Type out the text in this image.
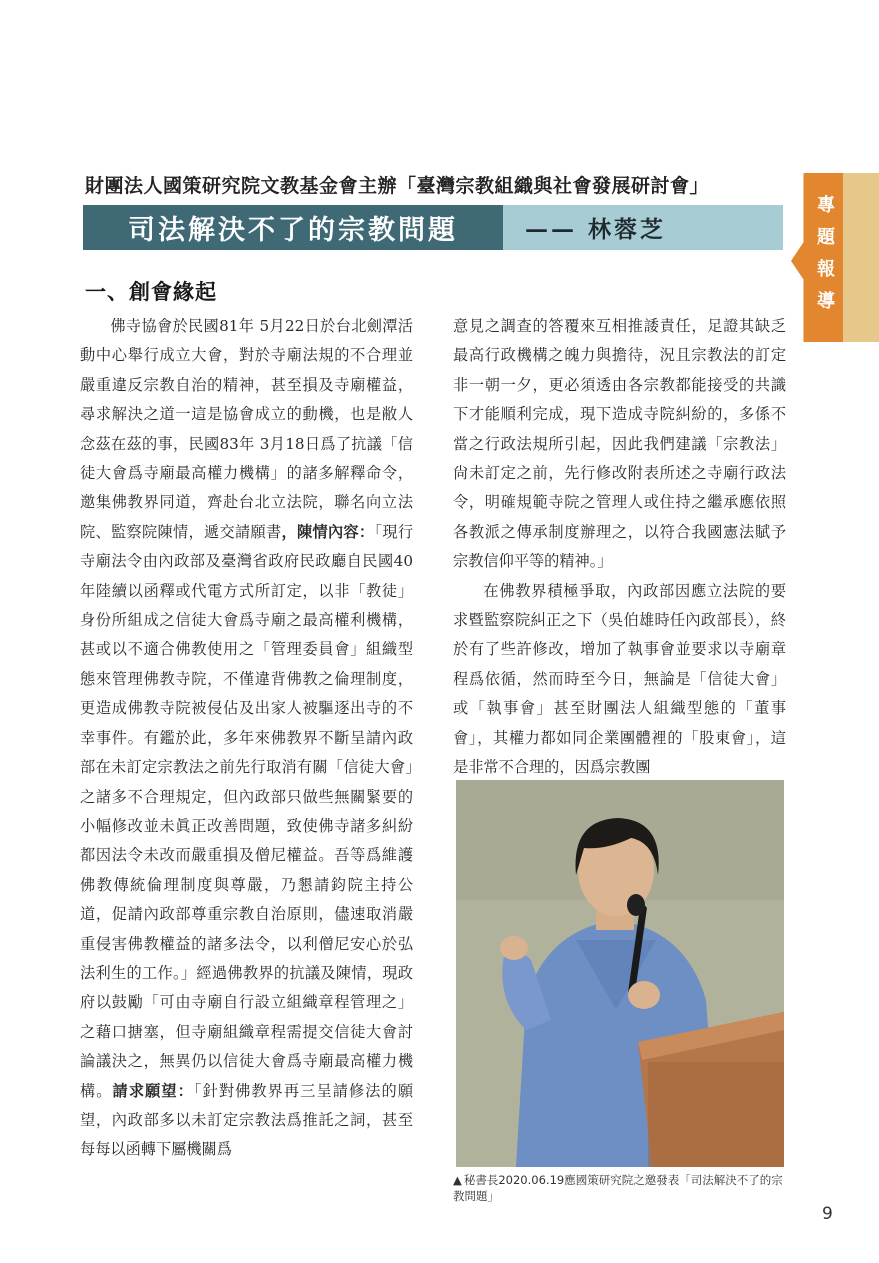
財團法人國策研究院文教基金會主辦「臺灣宗教組織與社會發展研討會」
司法解決不了的宗教問題	—— 林蓉芝
專
題
報
導
一、創會緣起

佛寺協會於民國81年 5月22日於台北劍潭活動中心舉行成立大會，對於寺廟法規的不合理並嚴重違反宗教自治的精神，甚至損及寺廟權益，尋求解決之道一這是協會成立的動機，也是敝人念茲在茲的事，民國83年 3月18日爲了抗議「信徒大會爲寺廟最高權力機構」的諸多解釋命令，邀集佛教界同道，齊赴台北立法院，聯名向立法院、監察院陳情，遞交請願書，陳情內容：「現行寺廟法令由內政部及臺灣省政府民政廳自民國40年陸續以函釋或代電方式所訂定，以非「教徒」身份所組成之信徒大會爲寺廟之最高權利機構，甚或以不適合佛教使用之「管理委員會」組織型態來管理佛教寺院，不僅違背佛教之倫理制度，更造成佛教寺院被侵佔及出家人被驅逐出寺的不幸事件。有鑑於此，多年來佛教界不斷呈請內政部在未訂定宗教法之前先行取消有關「信徒大會」之諸多不合理規定，但內政部只做些無關緊要的小幅修改並未眞正改善問題，致使佛寺諸多糾紛都因法令未改而嚴重損及僧尼權益。吾等爲維護佛教傳統倫理制度與尊嚴，乃懇請鈞院主持公道，促請內政部尊重宗教自治原則，儘速取消嚴重侵害佛教權益的諸多法令，以利僧尼安心於弘法利生的工作。」經過佛教界的抗議及陳情，現政府以鼓勵「可由寺廟自行設立組織章程管理之」之藉口搪塞，但寺廟組織章程需提交信徒大會討論議決之，無異仍以信徒大會爲寺廟最高權力機構。請求願望：「針對佛教界再三呈請修法的願望，內政部多以未訂定宗教法爲推託之詞，甚至每每以函轉下屬機關爲

意見之調查的答覆來互相推諉責任，足證其缺乏最高行政機構之魄力與擔待，況且宗教法的訂定非一朝一夕，更必須透由各宗教都能接受的共識下才能順利完成，現下造成寺院糾紛的，多係不當之行政法規所引起，因此我們建議「宗教法」尙未訂定之前，先行修改附表所述之寺廟行政法令，明確規範寺院之管理人或住持之繼承應依照各教派之傳承制度辦理之，以符合我國憲法賦予宗教信仰平等的精神。」

在佛教界積極爭取，內政部因應立法院的要求暨監察院糾正之下（吳伯雄時任內政部長），終於有了些許修改，增加了執事會並要求以寺廟章程爲依循，然而時至今日，無論是「信徒大會」或「執事會」甚至財團法人組織型態的「董事會」，其權力都如同企業團體裡的「股東會」，這是非常不合理的，因爲宗教團

▲ 秘書長2020.06.19應國策研究院之邀發表「司法解決不了的宗教問題」
9
